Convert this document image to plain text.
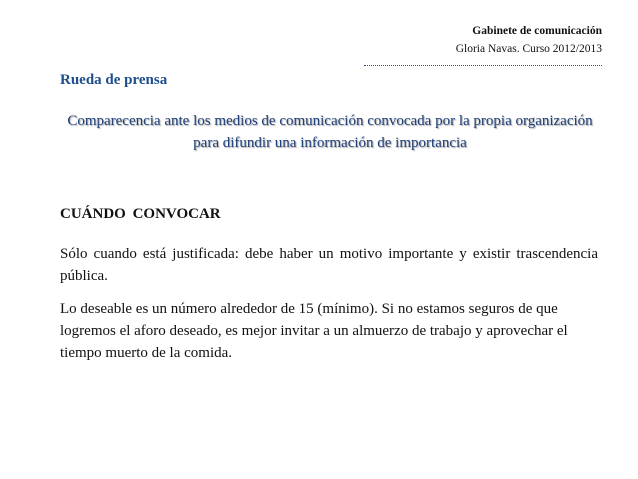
Gabinete de comunicación
Gloria Navas. Curso 2012/2013
Rueda de prensa
Comparecencia ante los medios de comunicación convocada por la propia organización para difundir una información de importancia
CUÁNDO CONVOCAR
Sólo cuando está justificada: debe haber un motivo importante y existir trascendencia pública.
Lo deseable es un número alrededor de 15 (mínimo). Si no estamos seguros de que logremos el aforo deseado, es mejor invitar a un almuerzo de trabajo y aprovechar el tiempo muerto de la comida.
